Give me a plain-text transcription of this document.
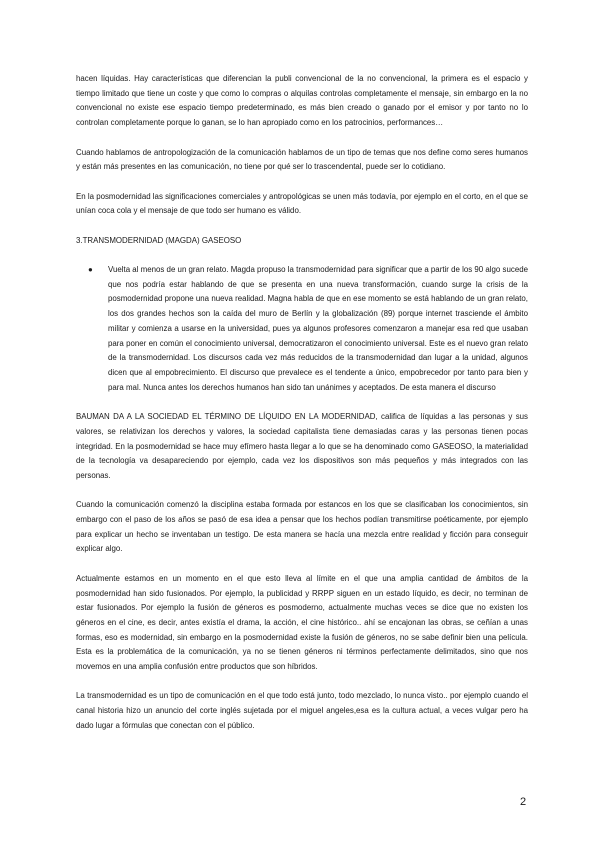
hacen líquidas. Hay características que diferencian la publi convencional de la no convencional, la primera es el espacio y tiempo limitado que tiene un coste y que como lo compras o alquilas controlas completamente el mensaje, sin embargo en la no convencional no existe ese espacio tiempo predeterminado, es más bien creado o ganado por el emisor y por tanto no lo controlan completamente porque lo ganan, se lo han apropiado como en los patrocinios, performances…

Cuando hablamos de antropologización de la comunicación hablamos de un tipo de temas que nos define como seres humanos y están más presentes en las comunicación, no tiene por qué ser lo trascendental, puede ser lo cotidiano.

En la posmodernidad las significaciones comerciales y antropológicas se unen más todavía, por ejemplo en el corto, en el que se unían coca cola y el mensaje de que todo ser humano es válido.

3.TRANSMODERNIDAD (MAGDA) GASEOSO

● Vuelta al menos de un gran relato. Magda propuso la transmodernidad para significar que a partir de los 90 algo sucede que nos podría estar hablando de que se presenta en una nueva transformación, cuando surge la crisis de la posmodernidad propone una nueva realidad. Magna habla de que en ese momento se está hablando de un gran relato, los dos grandes hechos son la caída del muro de Berlín y la globalización (89) porque internet trasciende el ámbito militar y comienza a usarse en la universidad, pues ya algunos profesores comenzaron a manejar esa red que usaban para poner en común el conocimiento universal, democratizaron el conocimiento universal. Este es el nuevo gran relato de la transmodernidad. Los discursos cada vez más reducidos de la transmodernidad dan lugar a la unidad, algunos dicen que al empobrecimiento. El discurso que prevalece es el tendente a único, empobrecedor por tanto para bien y para mal. Nunca antes los derechos humanos han sido tan unánimes y aceptados. De esta manera el discurso

BAUMAN DA A LA SOCIEDAD EL TÉRMINO DE LÍQUIDO EN LA MODERNIDAD, califica de líquidas a las personas y sus valores, se relativizan los derechos y valores, la sociedad capitalista tiene demasiadas caras y las personas tienen pocas integridad. En la posmodernidad se hace muy efímero hasta llegar a lo que se ha denominado como GASEOSO, la materialidad de la tecnología va desapareciendo por ejemplo, cada vez los dispositivos son más pequeños y más integrados con las personas.

Cuando la comunicación comenzó la disciplina estaba formada por estancos en los que se clasificaban los conocimientos, sin embargo con el paso de los años se pasó de esa idea a pensar que los hechos podían transmitirse poéticamente, por ejemplo para explicar un hecho se inventaban un testigo. De esta manera se hacía una mezcla entre realidad y ficción para conseguir explicar algo.

Actualmente estamos en un momento en el que esto lleva al límite en el que una amplia cantidad de ámbitos de la posmodernidad han sido fusionados. Por ejemplo, la publicidad y RRPP siguen en un estado líquido, es decir, no terminan de estar fusionados. Por ejemplo la fusión de géneros es posmoderno, actualmente muchas veces se dice que no existen los géneros en el cine, es decir, antes existía el drama, la acción, el cine histórico.. ahí se encajonan las obras, se ceñían a unas formas, eso es modernidad, sin embargo en la posmodernidad existe la fusión de géneros, no se sabe definir bien una película. Esta es la problemática de la comunicación, ya no se tienen géneros ni términos perfectamente delimitados, sino que nos movemos en una amplia confusión entre productos que son híbridos.

La transmodernidad es un tipo de comunicación en el que todo está junto, todo mezclado, lo nunca visto.. por ejemplo cuando el canal historia hizo un anuncio del corte inglés sujetada por el miguel angeles,esa es la cultura actual, a veces vulgar pero ha dado lugar a fórmulas que conectan con el público.

2
